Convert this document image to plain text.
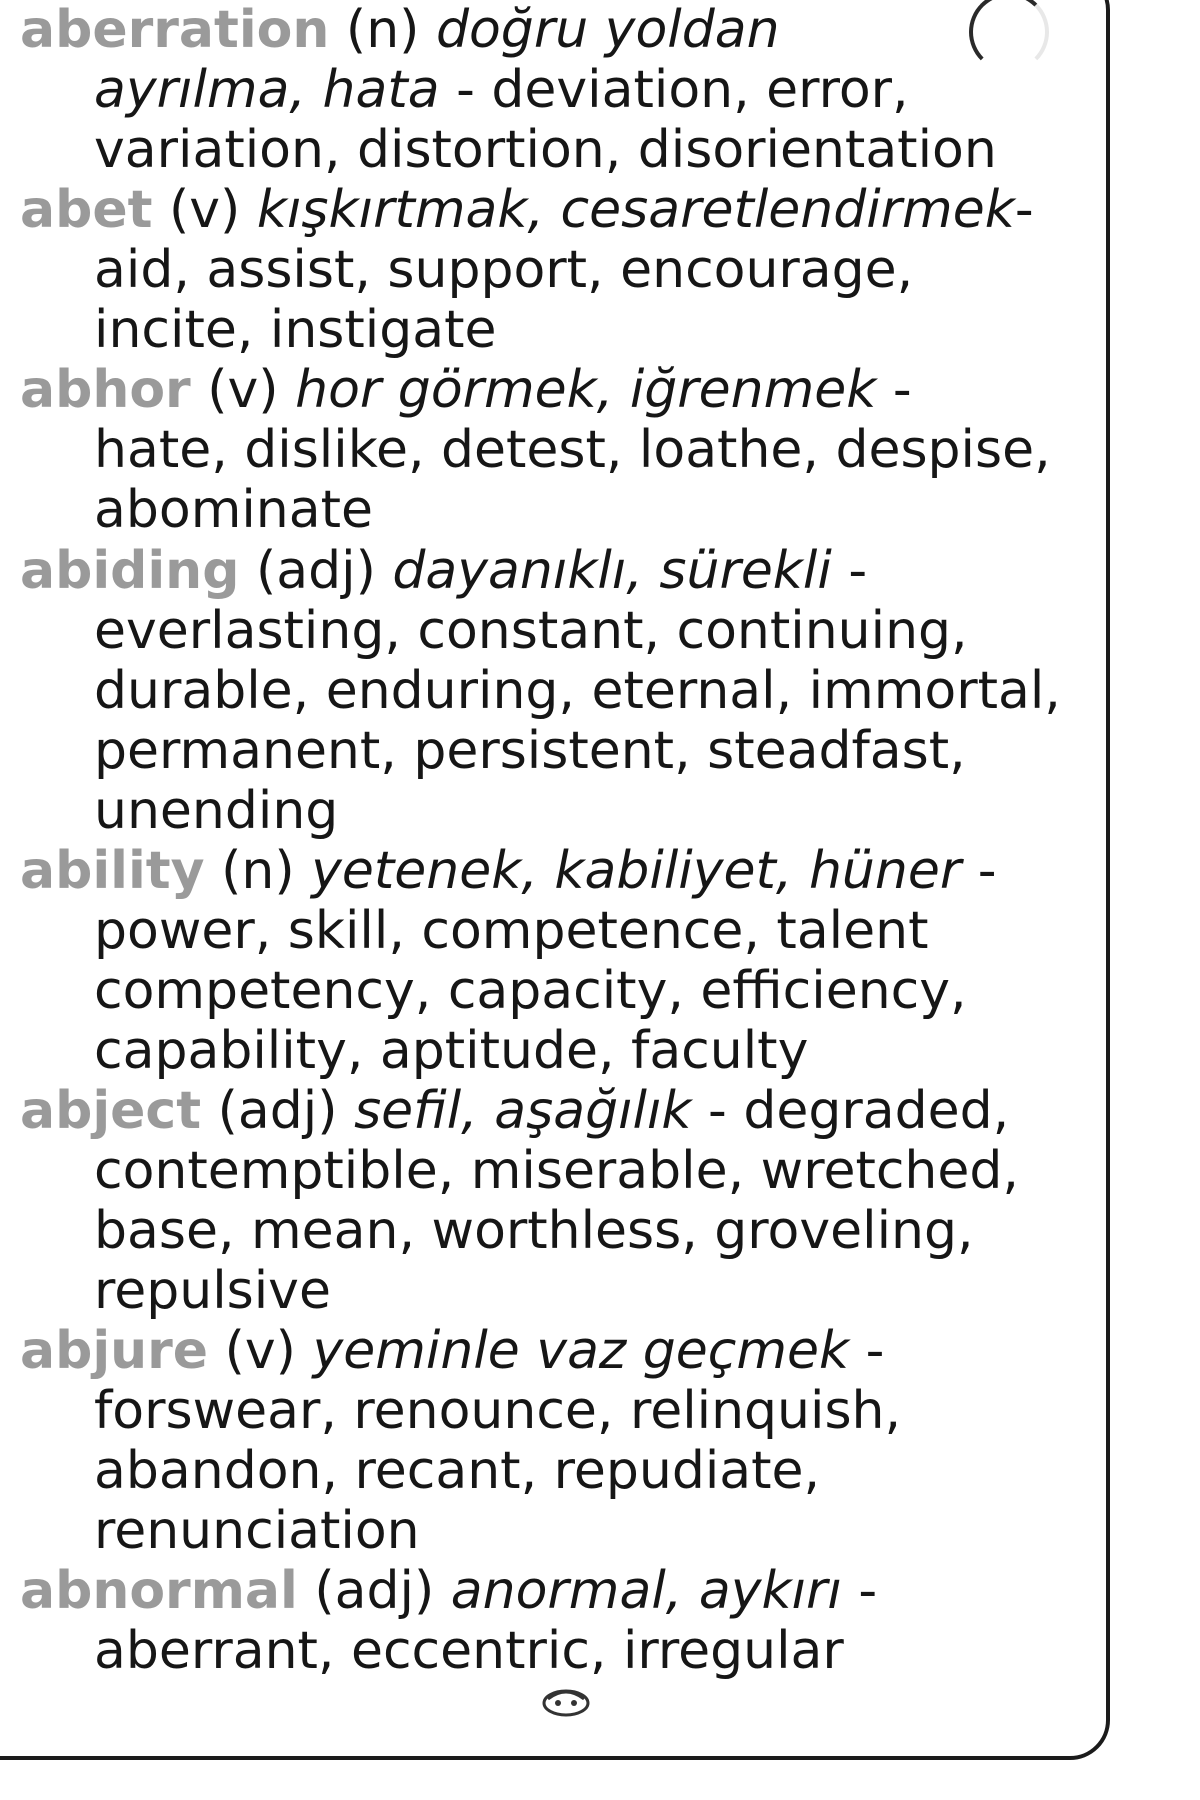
aberration (n) doğru yoldan
ayrılma, hata - deviation, error,
variation, distortion, disorientation
abet (v) kışkırtmak, cesaretlendirmek-
aid, assist, support, encourage,
incite, instigate
abhor (v) hor görmek, iğrenmek -
hate, dislike, detest, loathe, despise,
abominate
abiding (adj) dayanıklı, sürekli -
everlasting, constant, continuing,
durable, enduring, eternal, immortal,
permanent, persistent, steadfast,
unending
ability (n) yetenek, kabiliyet, hüner -
power, skill, competence, talent
competency, capacity, efficiency,
capability, aptitude, faculty
abject (adj) sefil, aşağılık - degraded,
contemptible, miserable, wretched,
base, mean, worthless, groveling,
repulsive
abjure (v) yeminle vaz geçmek -
forswear, renounce, relinquish,
abandon, recant, repudiate,
renunciation
abnormal (adj) anormal, aykırı -
aberrant, eccentric, irregular
